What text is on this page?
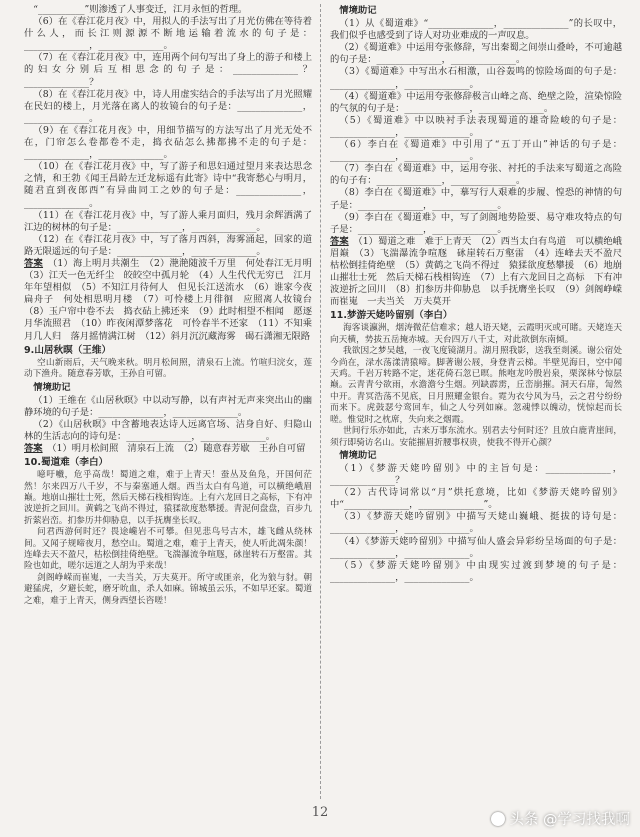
“__________”则渗透了人事变迁，江月永恒的哲理。

（6）在《春江花月夜》中，用拟人的手法写出了月光仿佛在等待着什么人，而长江则源源不断地运输着流水的句子是：______________，______________。

（7）在《春江花月夜》中，连用两个问句写出了身上的游子和楼上的妇女分别后互相思念的句子是：______________？______________？

（8）在《春江花月夜》中，诗人用虚实结合的手法写出了月光照耀在民妇的楼上，月光落在离人的妆镜台的句子是：______________，______________。

（9）在《春江花月夜》中，用细节描写的方法写出了月光无处不在，门帘怎么卷都卷不走，捣衣砧怎么拂都拂不走的句子是：______________，______________。

（10）在《春江花月夜》中，写了游子和思妇通过望月来表达思念之情，和王勃《闻王昌龄左迁龙标遥有此寄》诗中“我寄愁心与明月，随君直到夜郎西”有异曲同工之妙的句子是：______________，______________。

（11）在《春江花月夜》中，写了游人乘月面归，残月余辉洒满了江边的树林的句子是：______________，______________。

（12）在《春江花月夜》中，写了落月西斜，海雾涌起，回家的道路无限遥远的句子是：______________，______________。

答案　 （1）海上明月共潮生　（2）滟滟随波千万里　何处春江无月明　（3）江天一色无纤尘　皎皎空中孤月轮　（4）人生代代无穷已　江月年年望相似　（5）不知江月待何人　但见长江送流水　（6）谁家今夜扁舟子　何处相思明月楼　（7）可怜楼上月徘徊　应照离人妆镜台　（8）玉户帘中卷不去　捣衣砧上拂还来　（9）此时相望不相闻　愿逐月华流照君　（10）昨夜闲潭梦落花　可怜春半不还家　（11）不知乘月几人归　落月摇情满江树　（12）斜月沉沉藏海雾　碣石潇湘无限路

9.山居秋暝（王维）

空山新雨后，天气晚来秋。明月松间照，清泉石上流。竹喧归浣女，莲动下渔舟。随意春芳歇，王孙自可留。

情境助记

（1）王维在《山居秋暝》中以动写静，以有声衬无声来突出山的幽静环境的句子是：______________，______________。

（2）《山居秋暝》中含蓄地表达诗人远离官场、洁身自好、归隐山林的生活志向的诗句是：______________，______________。

答案　 （1）明月松间照　清泉石上流　（2）随意春芳歇　王孙自可留

10.蜀道难（李白）

噫吁嚱，危乎高哉！蜀道之难，难于上青天！蚕丛及鱼凫，开国何茫然！尔来四万八千岁，不与秦塞通人烟。西当太白有鸟道，可以横绝峨眉巅。地崩山摧壮士死，然后天梯石栈相钩连。上有六龙回日之高标，下有冲波逆折之回川。黄鹤之飞尚不得过，猿猱欲度愁攀援。青泥何盘盘，百步九折萦岩峦。扪参历井仰胁息，以手抚膺坐长叹。

问君西游何时还？畏途巉岩不可攀。但见悲鸟号古木，雄飞雌从绕林间。又闻子规啼夜月，愁空山。蜀道之难，难于上青天，使人听此凋朱颜！连峰去天不盈尺，枯松倒挂倚绝壁。飞湍瀑流争喧豗，砯崖转石万壑雷。其险也如此，嗟尔远道之人胡为乎来哉！

剑阁峥嵘而崔嵬，一夫当关，万夫莫开。所守或匪亲，化为狼与豺。朝避猛虎，夕避长蛇，磨牙吮血，杀人如麻。锦城虽云乐，不如早还家。蜀道之难，难于上青天，侧身西望长咨嗟！

情境助记

（1）从《蜀道难》“______________，______________”的长叹中，我们似乎也感受到了诗人对功业难成的一声叹息。

（2）《蜀道难》中运用夸张修辞，写出秦蜀之间崇山叠岭，不可逾越的句子是：______________，______________。

（3）《蜀道难》中写出水石相激，山谷轰鸣的惊险场面的句子是：______________，______________。

（4）《蜀道难》中运用夸张修辞极言山峰之高、绝壁之险，渲染惊险的气氛的句子是：______________，______________。

（5）《蜀道难》中以映衬手法表现蜀道的雄奇险峻的句子是：______________，______________。

（6）李白在《蜀道难》中引用了“五丁开山”神话的句子是：______________，______________。

（7）李白在《蜀道难》中，运用夸张、衬托的手法来写蜀道之高险的句子有：______________，______________。

（8）李白在《蜀道难》中，摹写行人艰难的步履、惶恐的神情的句子是：______________，______________。

（9）李白在《蜀道难》中，写了剑阁地势险要、易守难攻特点的句子是：______________，______________。

答案　 （1）蜀道之难　难于上青天　（2）西当太白有鸟道　可以横绝峨眉巅　（3）飞湍瀑流争喧豗　砯崖转石万壑雷　（4）连峰去天不盈尺　枯松倒挂倚绝壁　（5）黄鹤之飞尚不得过　猿猱欲度愁攀援　（6）地崩山摧壮士死　然后天梯石栈相钩连　（7）上有六龙回日之高标　下有冲波逆折之回川　（8）扪参历井仰胁息　以手抚膺坐长叹　（9）剑阁峥嵘而崔嵬　一夫当关　万夫莫开

11.梦游天姥吟留别（李白）

海客谈瀛洲，烟涛微茫信难求；越人语天姥，云霞明灭或可睹。天姥连天向天横，势拔五岳掩赤城。天台四万八千丈，对此欲倒东南倾。

我欲因之梦吴越，一夜飞度镜湖月。湖月照我影，送我至剡溪。谢公宿处今尚在，渌水荡漾清猿啼。脚著谢公屐，身登青云梯。半壁见海日，空中闻天鸡。千岩万转路不定，迷花倚石忽已暝。熊咆龙吟殷岩泉，栗深林兮惊层巅。云青青兮欲雨，水澹澹兮生烟。列缺霹雳，丘峦崩摧。洞天石扉，訇然中开。青冥浩荡不见底，日月照耀金银台。霓为衣兮风为马，云之君兮纷纷而来下。虎鼓瑟兮鸾回车，仙之人兮列如麻。忽魂悸以魄动，恍惊起而长嗟。惟觉时之枕席，失向来之烟霞。

世间行乐亦如此，古来万事东流水。别君去兮何时还？且放白鹿青崖间，须行即骑访名山。安能摧眉折腰事权贵，使我不得开心颜？

情境助记

（1）《梦游天姥吟留别》中的主旨句是：______________，______________？

（2）古代诗词常以“月”烘托意境，比如《梦游天姥吟留别》中“______________，______________”。

（3）《梦游天姥吟留别》中描写天姥山巍峨、挺拔的诗句是：______________，______________。

（4）《梦游天姥吟留别》中描写仙人盛会异彩纷呈场面的句子是：______________，______________。

（5）《梦游天姥吟留别》中由现实过渡到梦境的句子是：______________，______________。

12	头条 @学习找我啊
